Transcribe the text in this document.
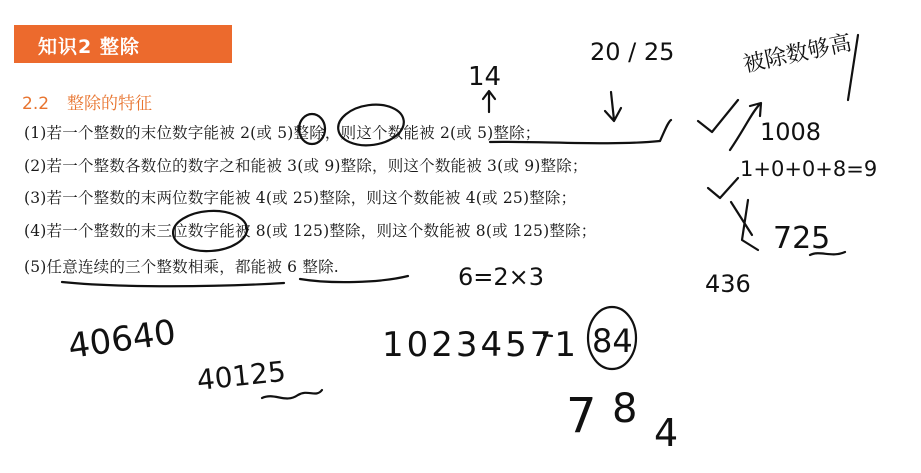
知识2 整除
2.2 整除的特征
(1)若一个整数的末位数字能被 2(或 5)整除，则这个数能被 2(或 5)整除；
(2)若一个整数各数位的数字之和能被 3(或 9)整除，则这个数能被 3(或 9)整除；
(3)若一个整数的末两位数字能被 4(或 25)整除，则这个数能被 4(或 25)整除；
(4)若一个整数的末三位数字能被 8(或 125)整除，则这个数能被 8(或 125)整除；
(5)任意连续的三个整数相乘，都能被 6 整除.
14
20 / 25	被除数够高
1008
1+0+0+8=9
725
436
6=2×3
40640
40125
10234571 84
7 8
4
